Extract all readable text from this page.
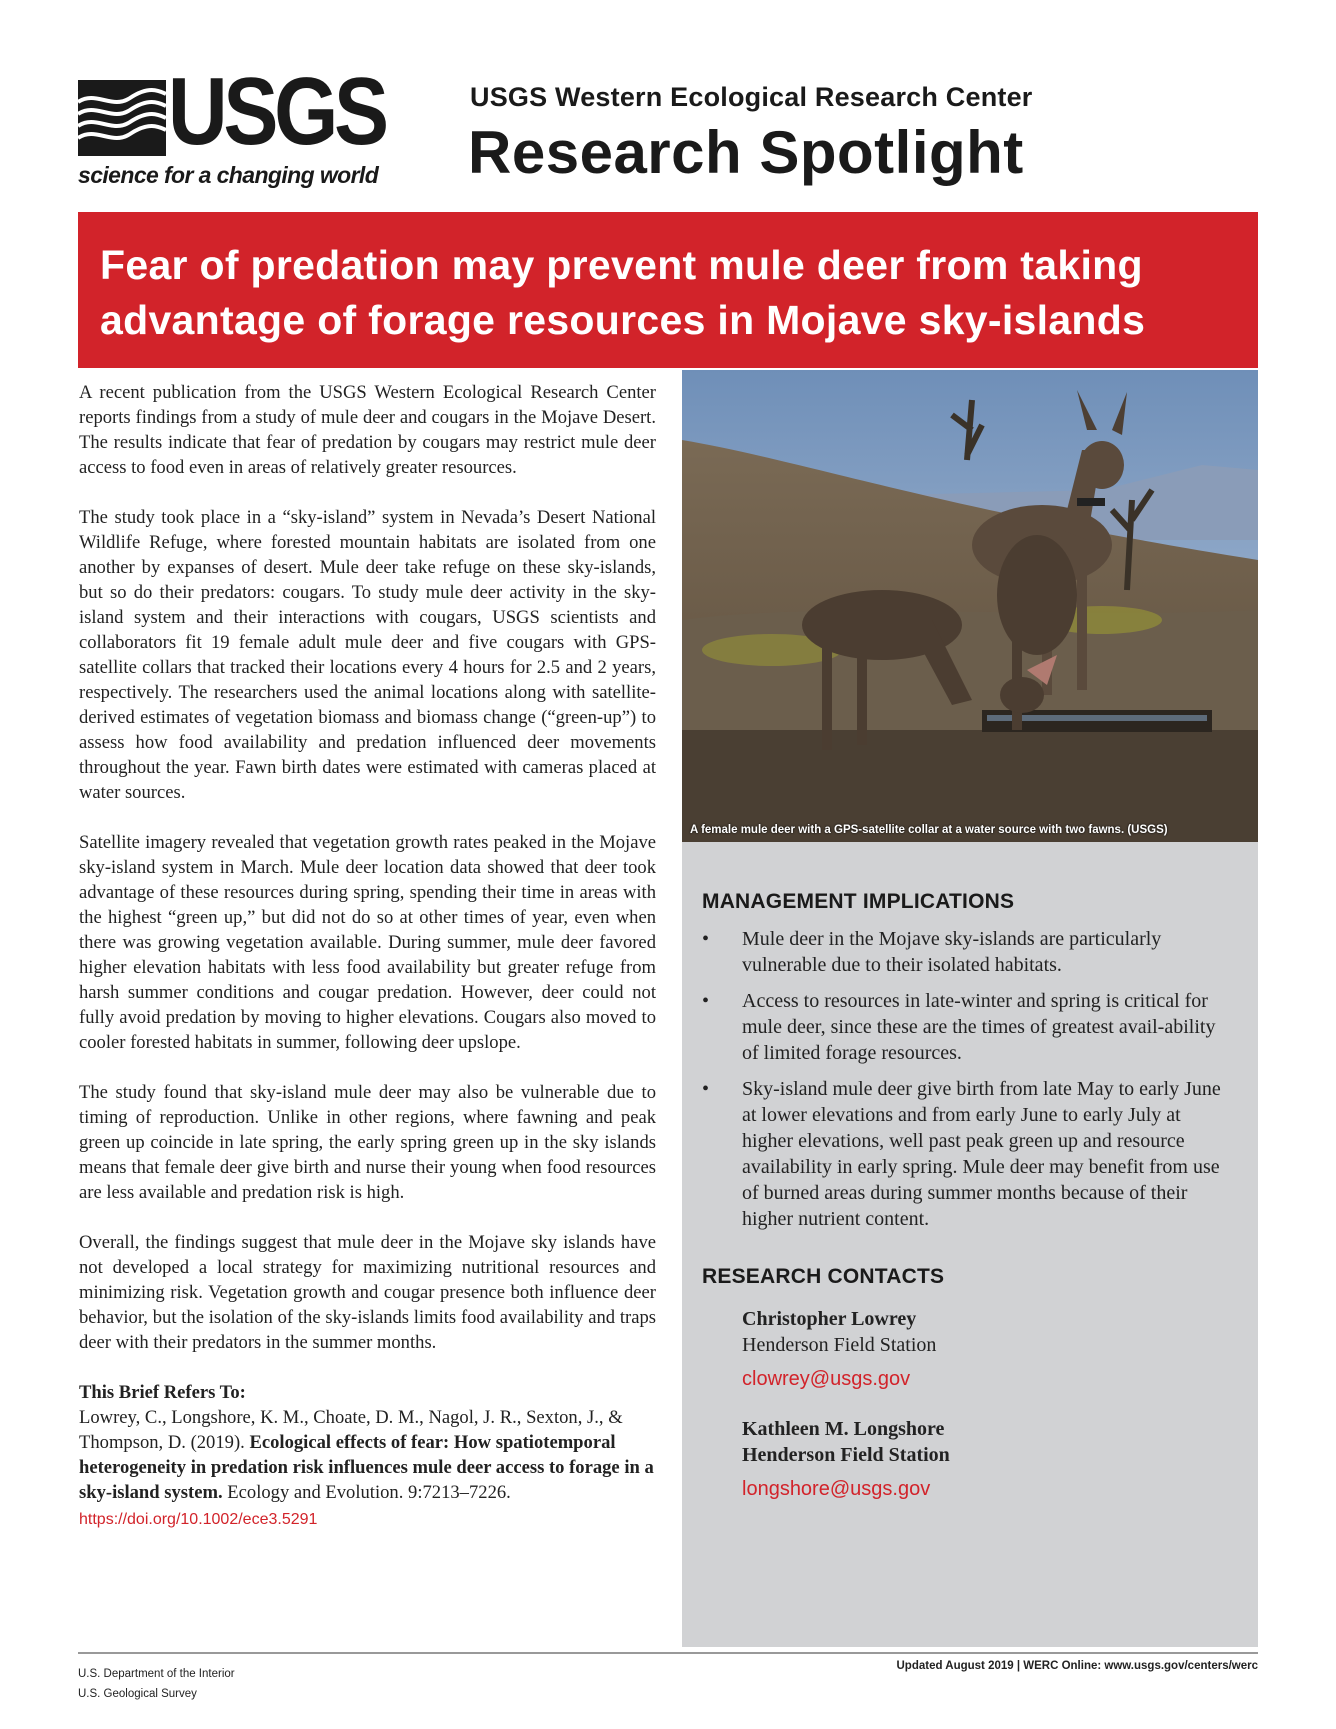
USGS
science for a changing world
USGS Western Ecological Research Center
Research Spotlight
Fear of predation may prevent mule deer from taking advantage of forage resources in Mojave sky-islands

A recent publication from the USGS Western Ecological Research Center reports findings from a study of mule deer and cougars in the Mojave Desert. The results indicate that fear of predation by cougars may restrict mule deer access to food even in areas of relatively greater resources.

The study took place in a “sky-island” system in Nevada’s Desert National Wildlife Refuge, where forested mountain habitats are isolated from one another by expanses of desert. Mule deer take refuge on these sky-islands, but so do their predators: cougars. To study mule deer activity in the sky-island system and their interactions with cougars, USGS scientists and collaborators fit 19 female adult mule deer and five cougars with GPS-satellite collars that tracked their locations every 4 hours for 2.5 and 2 years, respectively. The researchers used the animal locations along with satellite-derived estimates of vegetation biomass and biomass change (“green-up”) to assess how food availability and predation influenced deer movements throughout the year. Fawn birth dates were estimated with cameras placed at water sources.

Satellite imagery revealed that vegetation growth rates peaked in the Mojave sky-island system in March. Mule deer location data showed that deer took advantage of these resources during spring, spending their time in areas with the highest “green up,” but did not do so at other times of year, even when there was growing vegetation available. During summer, mule deer favored higher elevation habitats with less food availability but greater refuge from harsh summer conditions and cougar predation. However, deer could not fully avoid predation by moving to higher elevations. Cougars also moved to cooler forested habitats in summer, following deer upslope.

The study found that sky-island mule deer may also be vulnerable due to timing of reproduction. Unlike in other regions, where fawning and peak green up coincide in late spring, the early spring green up in the sky islands means that female deer give birth and nurse their young when food resources are less available and predation risk is high.

Overall, the findings suggest that mule deer in the Mojave sky islands have not developed a local strategy for maximizing nutritional resources and minimizing risk. Vegetation growth and cougar presence both influence deer behavior, but the isolation of the sky-islands limits food availability and traps deer with their predators in the summer months.

This Brief Refers To:
Lowrey, C., Longshore, K. M., Choate, D. M., Nagol, J. R., Sexton, J., & Thompson, D. (2019). Ecological effects of fear: How spatiotemporal heterogeneity in predation risk influences mule deer access to forage in a sky-island system. Ecology and Evolution. 9:7213–7226.
https://doi.org/10.1002/ece3.5291
A female mule deer with a GPS-satellite collar at a water source with two fawns. (USGS)
MANAGEMENT IMPLICATIONS
• Mule deer in the Mojave sky-islands are particularly vulnerable due to their isolated habitats.
• Access to resources in late-winter and spring is critical for mule deer, since these are the times of greatest avail-ability of limited forage resources.
• Sky-island mule deer give birth from late May to early June at lower elevations and from early June to early July at higher elevations, well past peak green up and resource availability in early spring. Mule deer may benefit from use of burned areas during summer months because of their higher nutrient content.
RESEARCH CONTACTS
Christopher Lowrey
Henderson Field Station
clowrey@usgs.gov
Kathleen M. Longshore
Henderson Field Station
longshore@usgs.gov
U.S. Department of the Interior
U.S. Geological Survey
Updated August 2019 | WERC Online: www.usgs.gov/centers/werc
